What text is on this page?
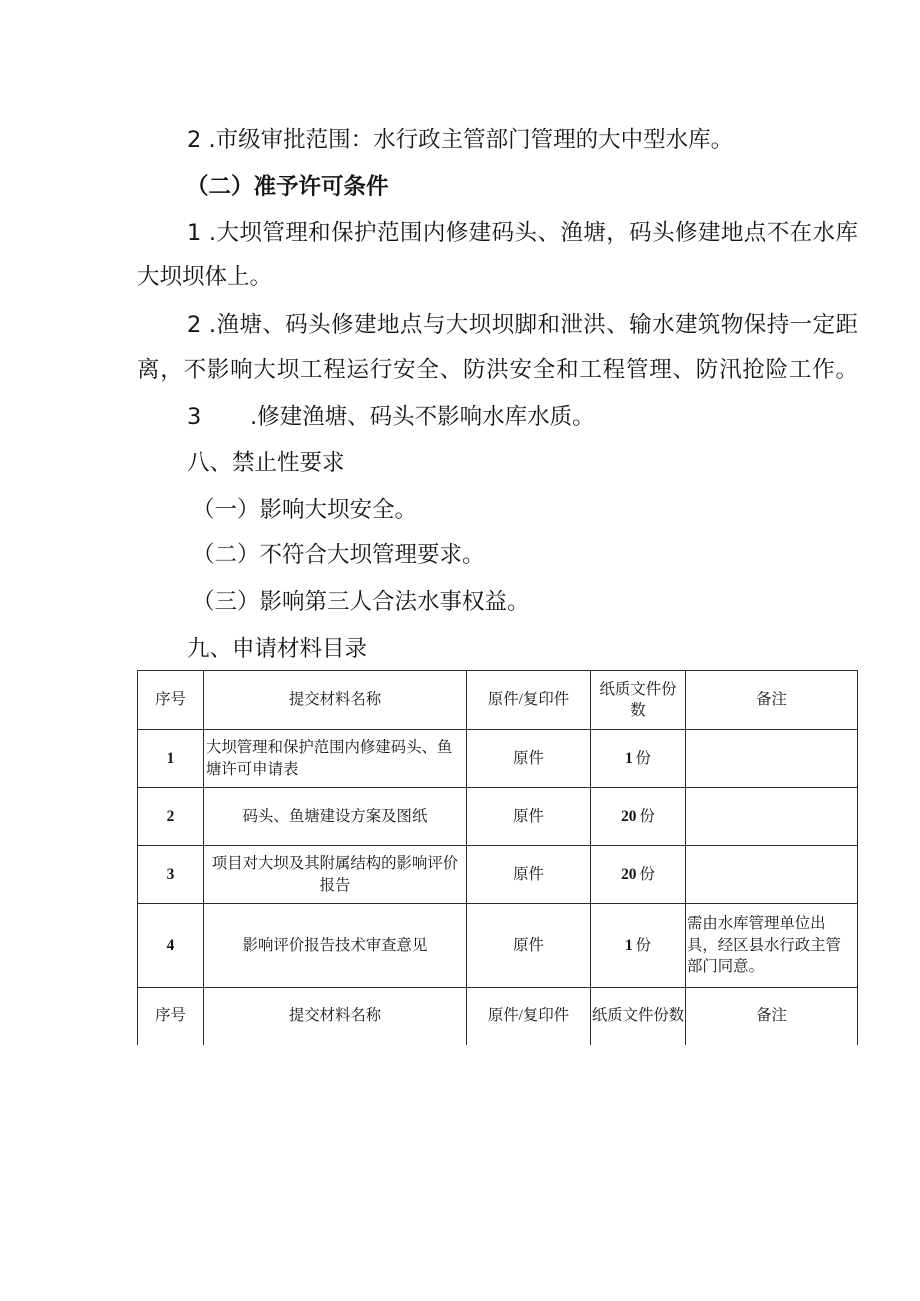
2 .市级审批范围：水行政主管部门管理的大中型水库。
（二）准予许可条件
1 .大坝管理和保护范围内修建码头、渔塘，码头修建地点不在水库
大坝坝体上。
2 .渔塘、码头修建地点与大坝坝脚和泄洪、输水建筑物保持一定距
离，不影响大坝工程运行安全、防洪安全和工程管理、防汛抢险工作。
3 .修建渔塘、码头不影响水库水质。
八、禁止性要求
（一）影响大坝安全。
（二）不符合大坝管理要求。
（三）影响第三人合法水事权益。
九、申请材料目录
序号	提交材料名称	原件/复印件	纸质文件份数	备注
1	大坝管理和保护范围内修建码头、鱼塘许可申请表	原件	1 份	
2	码头、鱼塘建设方案及图纸	原件	20 份	
3	项目对大坝及其附属结构的影响评价报告	原件	20 份	
4	影响评价报告技术审查意见	原件	1 份	需由水库管理单位出具，经区县水行政主管部门同意。
序号	提交材料名称	原件/复印件	纸质文件份数	备注
